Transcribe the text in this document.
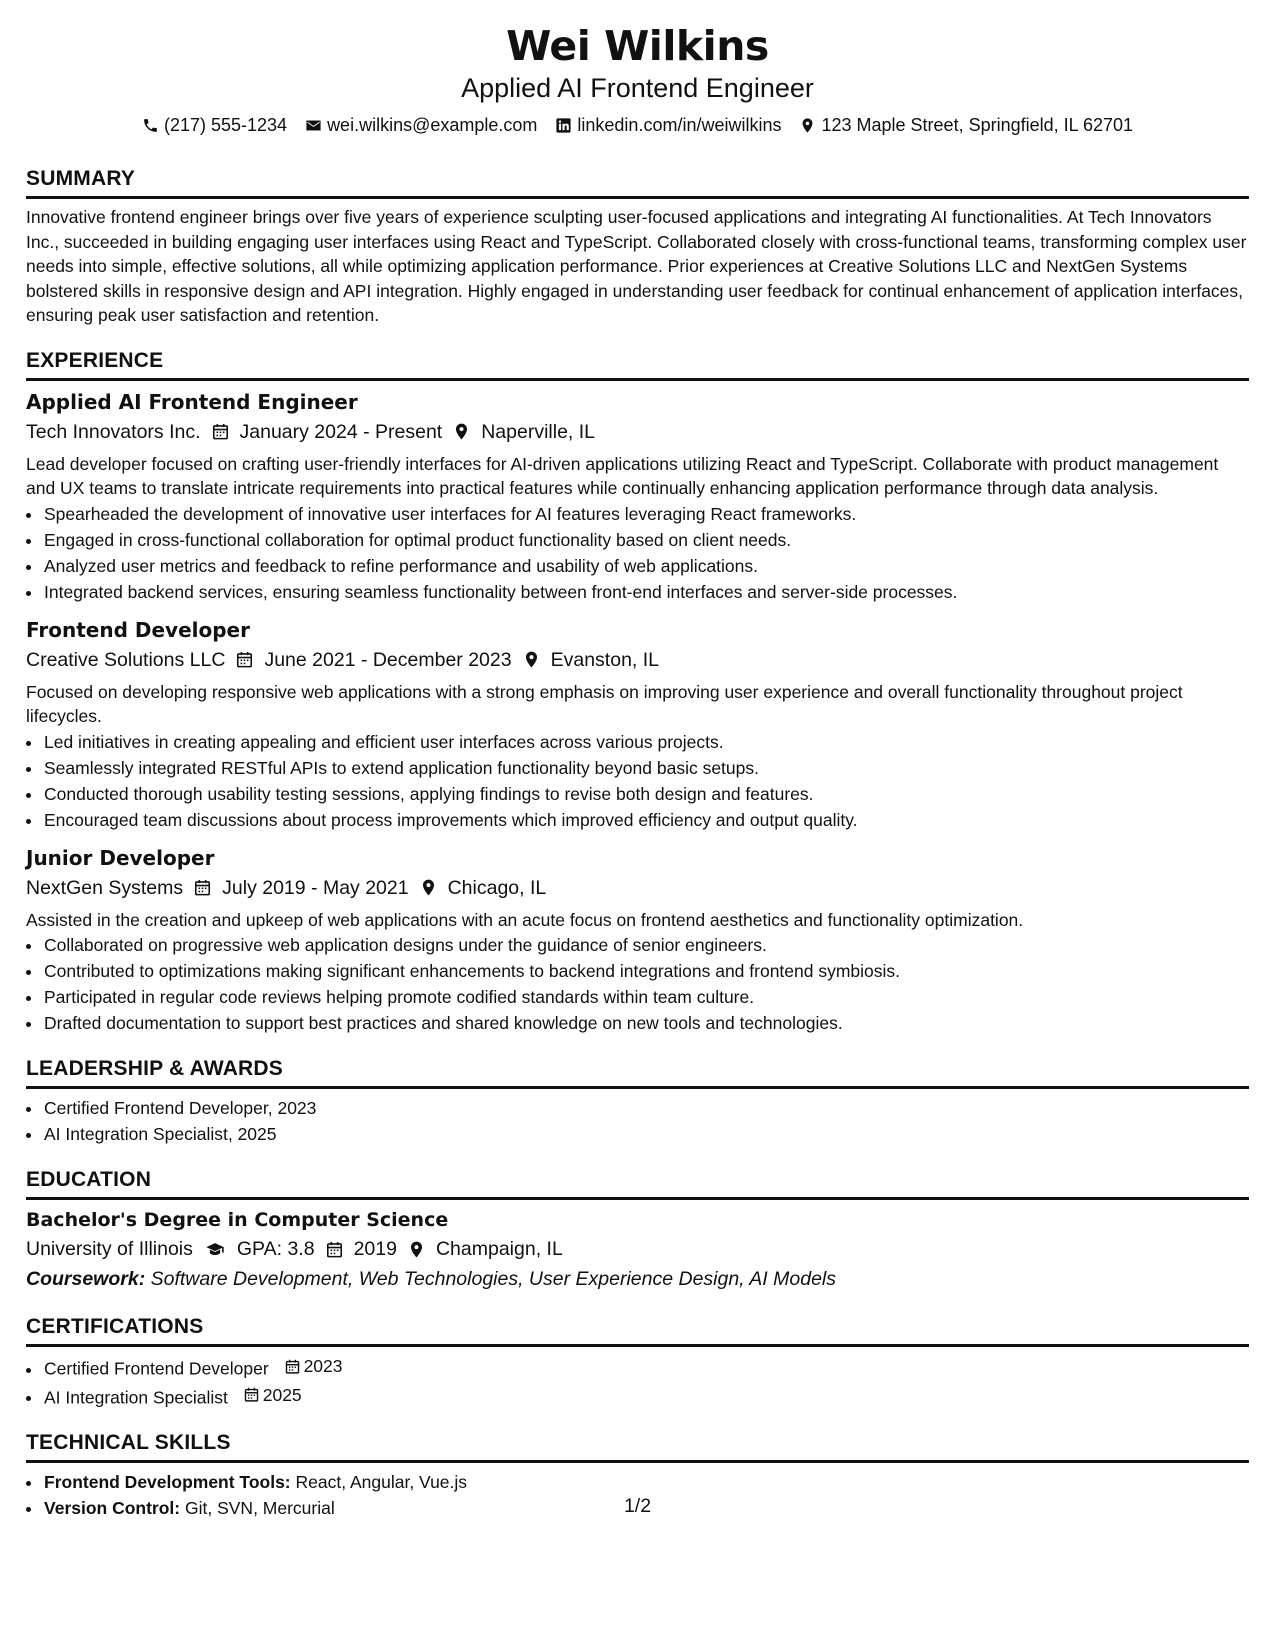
Wei Wilkins
Applied AI Frontend Engineer
(217) 555-1234 wei.wilkins@example.com linkedin.com/in/weiwilkins 123 Maple Street, Springfield, IL 62701
SUMMARY

Innovative frontend engineer brings over five years of experience sculpting user-focused applications and integrating AI functionalities. At Tech Innovators Inc., succeeded in building engaging user interfaces using React and TypeScript. Collaborated closely with cross-functional teams, transforming complex user needs into simple, effective solutions, all while optimizing application performance. Prior experiences at Creative Solutions LLC and NextGen Systems bolstered skills in responsive design and API integration. Highly engaged in understanding user feedback for continual enhancement of application interfaces, ensuring peak user satisfaction and retention.

EXPERIENCE
Applied AI Frontend Engineer
Tech Innovators Inc. January 2024 - Present Naperville, IL

Lead developer focused on crafting user-friendly interfaces for AI-driven applications utilizing React and TypeScript. Collaborate with product management and UX teams to translate intricate requirements into practical features while continually enhancing application performance through data analysis.

• Spearheaded the development of innovative user interfaces for AI features leveraging React frameworks.
• Engaged in cross-functional collaboration for optimal product functionality based on client needs.
• Analyzed user metrics and feedback to refine performance and usability of web applications.
• Integrated backend services, ensuring seamless functionality between front-end interfaces and server-side processes.
Frontend Developer
Creative Solutions LLC June 2021 - December 2023 Evanston, IL

Focused on developing responsive web applications with a strong emphasis on improving user experience and overall functionality throughout project lifecycles.

• Led initiatives in creating appealing and efficient user interfaces across various projects.
• Seamlessly integrated RESTful APIs to extend application functionality beyond basic setups.
• Conducted thorough usability testing sessions, applying findings to revise both design and features.
• Encouraged team discussions about process improvements which improved efficiency and output quality.
Junior Developer
NextGen Systems July 2019 - May 2021 Chicago, IL

Assisted in the creation and upkeep of web applications with an acute focus on frontend aesthetics and functionality optimization.

• Collaborated on progressive web application designs under the guidance of senior engineers.
• Contributed to optimizations making significant enhancements to backend integrations and frontend symbiosis.
• Participated in regular code reviews helping promote codified standards within team culture.
• Drafted documentation to support best practices and shared knowledge on new tools and technologies.
LEADERSHIP & AWARDS
• Certified Frontend Developer, 2023
• AI Integration Specialist, 2025
EDUCATION
Bachelor's Degree in Computer Science
University of Illinois GPA: 3.8 2019 Champaign, IL
Coursework: Software Development, Web Technologies, User Experience Design, AI Models
CERTIFICATIONS
• Certified Frontend Developer 2023
• AI Integration Specialist 2025
TECHNICAL SKILLS
• Frontend Development Tools: React, Angular, Vue.js
• Version Control: Git, SVN, Mercurial	1/2
